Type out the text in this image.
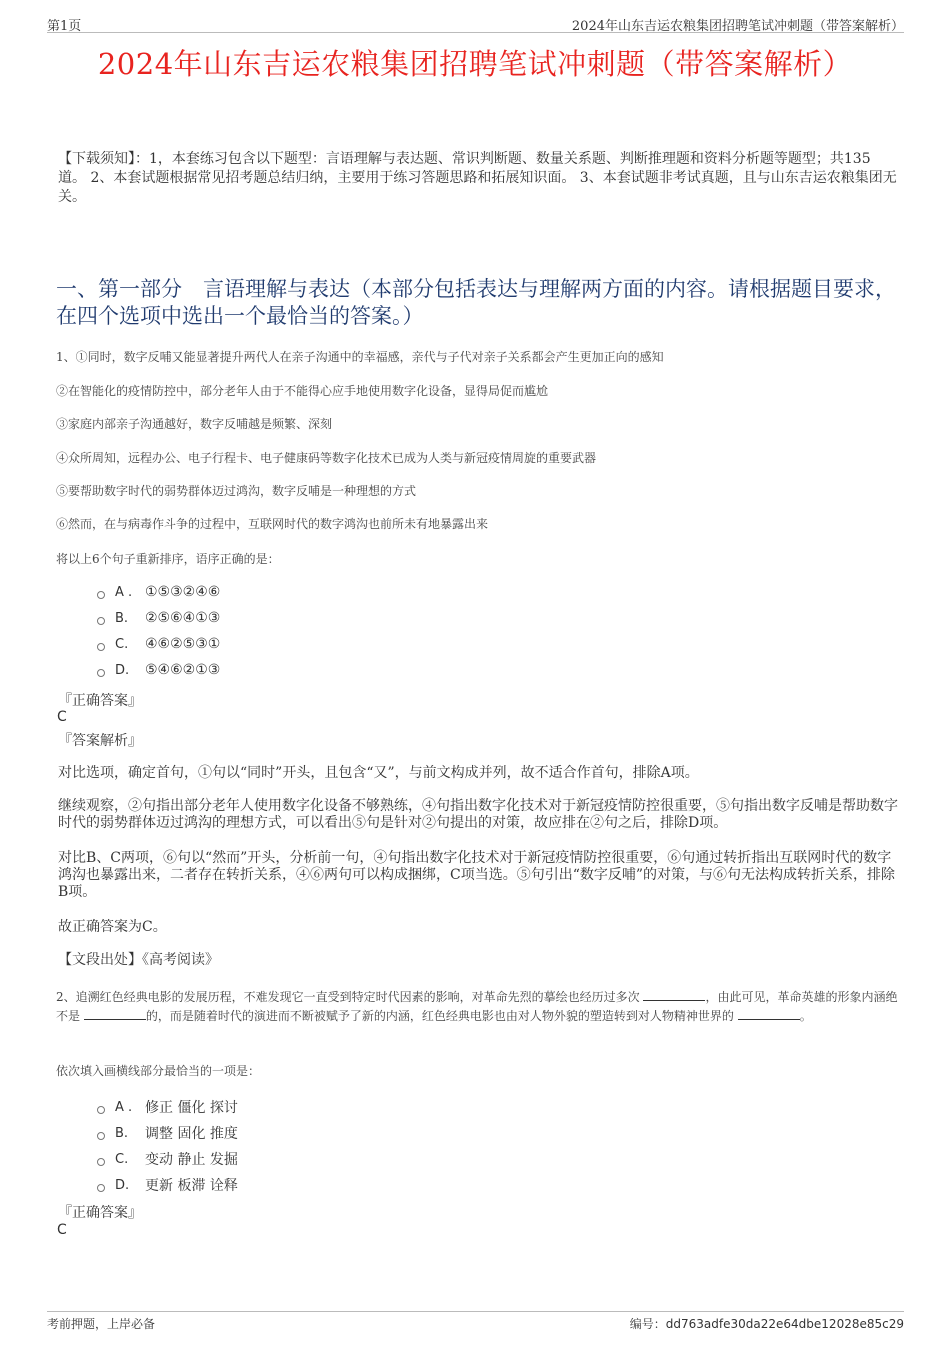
第1页	2024年山东吉运农粮集团招聘笔试冲刺题（带答案解析）
2024年山东吉运农粮集团招聘笔试冲刺题（带答案解析）
【下载须知】：1，本套练习包含以下题型：言语理解与表达题、常识判断题、数量关系题、判断推理题和资料分析题等题型；共135道。 2、本套试题根据常见招考题总结归纳，主要用于练习答题思路和拓展知识面。 3、本套试题非考试真题，且与山东吉运农粮集团无关。
一、第一部分　言语理解与表达（本部分包括表达与理解两方面的内容。请根据题目要求，在四个选项中选出一个最恰当的答案。）
1、①同时，数字反哺又能显著提升两代人在亲子沟通中的幸福感，亲代与子代对亲子关系都会产生更加正向的感知
②在智能化的疫情防控中，部分老年人由于不能得心应手地使用数字化设备，显得局促而尴尬
③家庭内部亲子沟通越好，数字反哺越是频繁、深刻
④众所周知，远程办公、电子行程卡、电子健康码等数字化技术已成为人类与新冠疫情周旋的重要武器
⑤要帮助数字时代的弱势群体迈过鸿沟，数字反哺是一种理想的方式
⑥然而，在与病毒作斗争的过程中，互联网时代的数字鸿沟也前所未有地暴露出来
将以上6个句子重新排序，语序正确的是：
A . ①⑤③②④⑥
B.	②⑤⑥④①③
C.	④⑥②⑤③①
D.	⑤④⑥②①③
『正确答案』
C
『答案解析』
对比选项，确定首句，①句以“同时”开头，且包含“又”，与前文构成并列，故不适合作首句，排除A项。
继续观察，②句指出部分老年人使用数字化设备不够熟练，④句指出数字化技术对于新冠疫情防控很重要，⑤句指出数字反哺是帮助数字时代的弱势群体迈过鸿沟的理想方式，可以看出⑤句是针对②句提出的对策，故应排在②句之后，排除D项。
对比B、C两项，⑥句以“然而”开头，分析前一句，④句指出数字化技术对于新冠疫情防控很重要，⑥句通过转折指出互联网时代的数字鸿沟也暴露出来，二者存在转折关系，④⑥两句可以构成捆绑，C项当选。⑤句引出“数字反哺”的对策，与⑥句无法构成转折关系，排除B项。
故正确答案为C。
【文段出处】《高考阅读》
2、追溯红色经典电影的发展历程，不难发现它一直受到特定时代因素的影响，对革命先烈的摹绘也经历过多次	，由此可见，革命英雄的形象内涵绝不是	的，而是随着时代的演进而不断被赋予了新的内涵，红色经典电影也由对人物外貌的塑造转到对人物精神世界的	。
依次填入画横线部分最恰当的一项是：
A . 修正 僵化 探讨
B.	调整 固化 推度
C.	变动 静止 发掘
D.	更新 板滞 诠释
『正确答案』
C
考前押题，上岸必备	编号：dd763adfe30da22e64dbe12028e85c29
